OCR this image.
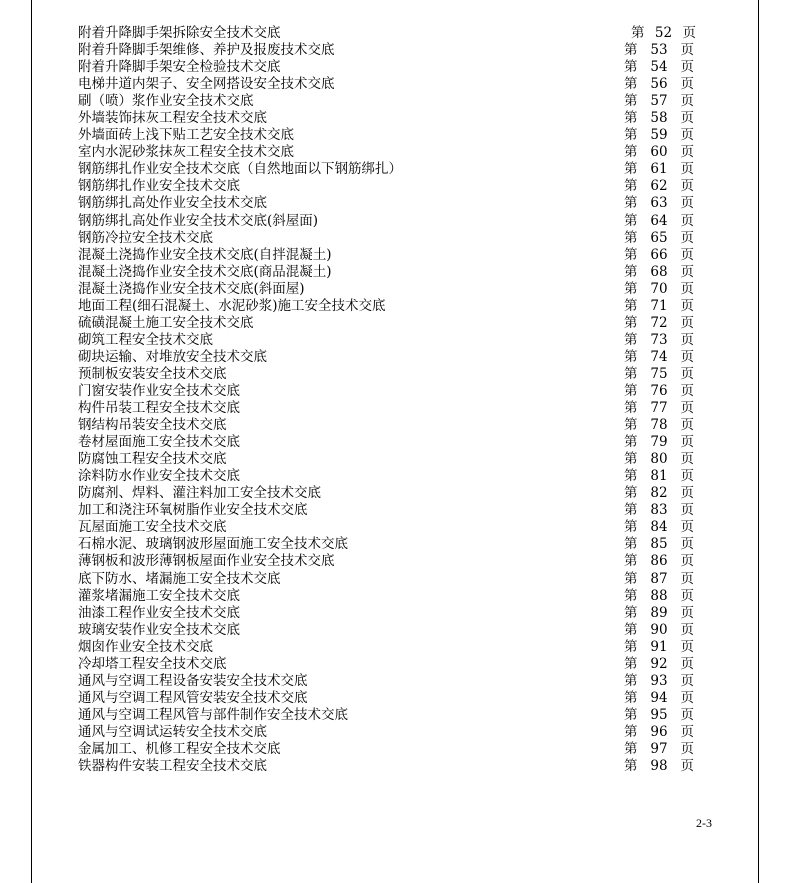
附着升降脚手架拆除安全技术交底	第 52 页
附着升降脚手架维修、养护及报废技术交底	第 53 页
附着升降脚手架安全检验技术交底	第 54 页
电梯井道内架子、安全网搭设安全技术交底	第 56 页
刷（喷）浆作业安全技术交底	第 57 页
外墙装饰抹灰工程安全技术交底	第 58 页
外墙面砖上浅下贴工艺安全技术交底	第 59 页
室内水泥砂浆抹灰工程安全技术交底	第 60 页
钢筋绑扎作业安全技术交底（自然地面以下钢筋绑扎）	第 61 页
钢筋绑扎作业安全技术交底	第 62 页
钢筋绑扎高处作业安全技术交底	第 63 页
钢筋绑扎高处作业安全技术交底(斜屋面)	第 64 页
钢筋冷拉安全技术交底	第 65 页
混凝土浇捣作业安全技术交底(自拌混凝土)	第 66 页
混凝土浇捣作业安全技术交底(商品混凝土)	第 68 页
混凝土浇捣作业安全技术交底(斜面屋)	第 70 页
地面工程(细石混凝土、水泥砂浆)施工安全技术交底	第 71 页
硫磺混凝土施工安全技术交底	第 72 页
砌筑工程安全技术交底	第 73 页
砌块运输、对堆放安全技术交底	第 74 页
预制板安装安全技术交底	第 75 页
门窗安装作业安全技术交底	第 76 页
构件吊装工程安全技术交底	第 77 页
钢结构吊装安全技术交底	第 78 页
卷材屋面施工安全技术交底	第 79 页
防腐蚀工程安全技术交底	第 80 页
涂料防水作业安全技术交底	第 81 页
防腐剂、焊料、灌注料加工安全技术交底	第 82 页
加工和浇注环氧树脂作业安全技术交底	第 83 页
瓦屋面施工安全技术交底	第 84 页
石棉水泥、玻璃钢波形屋面施工安全技术交底	第 85 页
薄钢板和波形薄钢板屋面作业安全技术交底	第 86 页
底下防水、堵漏施工安全技术交底	第 87 页
灌浆堵漏施工安全技术交底	第 88 页
油漆工程作业安全技术交底	第 89 页
玻璃安装作业安全技术交底	第 90 页
烟囱作业安全技术交底	第 91 页
冷却塔工程安全技术交底	第 92 页
通风与空调工程设备安装安全技术交底	第 93 页
通风与空调工程风管安装安全技术交底	第 94 页
通风与空调工程风管与部件制作安全技术交底	第 95 页
通风与空调试运转安全技术交底	第 96 页
金属加工、机修工程安全技术交底	第 97 页
铁器构件安装工程安全技术交底	第 98 页
2-3
